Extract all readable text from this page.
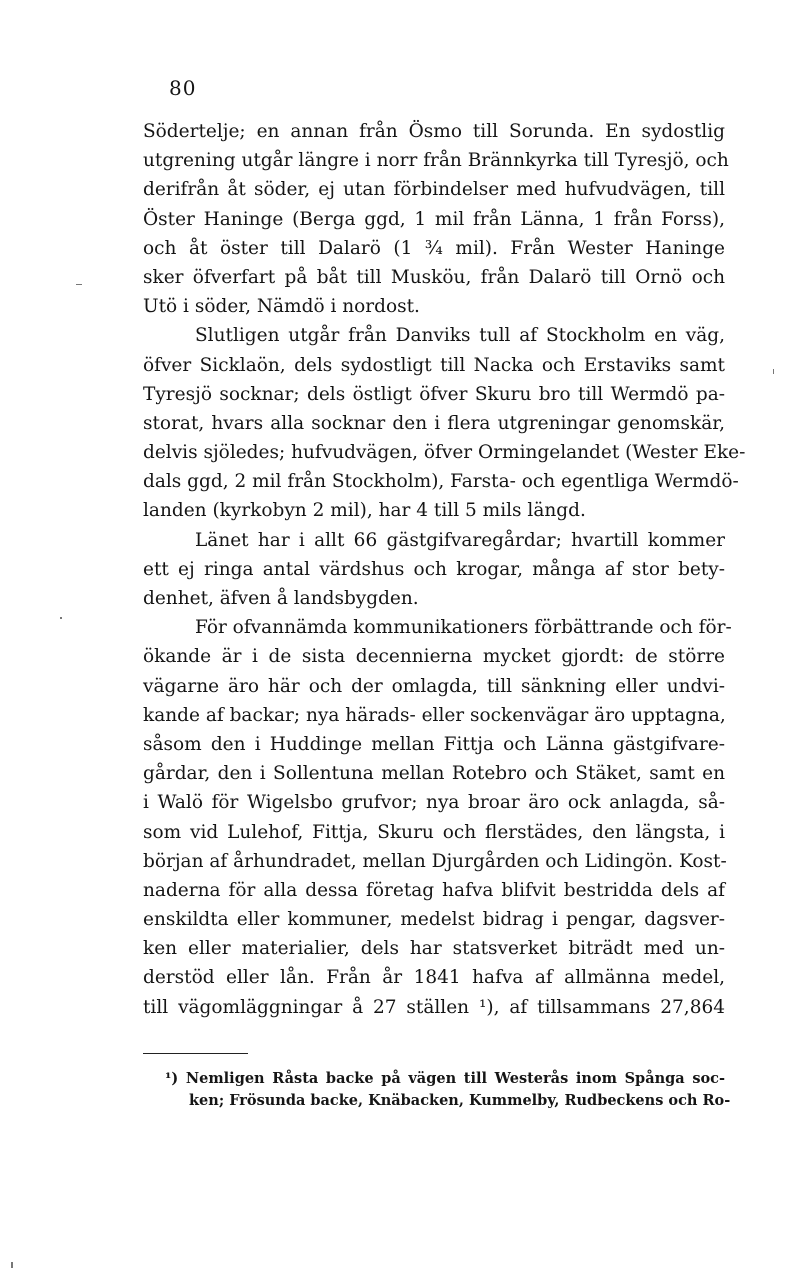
80
Södertelje; en annan från Ösmo till Sorunda. En sydostlig
utgrening utgår längre i norr från Brännkyrka till Tyresjö, och
derifrån åt söder, ej utan förbindelser med hufvudvägen, till
Öster Haninge (Berga ggd, 1 mil från Länna, 1 från Forss),
och åt öster till Dalarö (1 ¾ mil). Från Wester Haninge
sker öfverfart på båt till Musköu, från Dalarö till Ornö och
Utö i söder, Nämdö i nordost.
Slutligen utgår från Danviks tull af Stockholm en väg,
öfver Sicklaön, dels sydostligt till Nacka och Erstaviks samt
Tyresjö socknar; dels östligt öfver Skuru bro till Wermdö pa-
storat, hvars alla socknar den i flera utgreningar genomskär,
delvis sjöledes; hufvudvägen, öfver Ormingelandet (Wester Eke-
dals ggd, 2 mil från Stockholm), Farsta- och egentliga Wermdö-
landen (kyrkobyn 2 mil), har 4 till 5 mils längd.
Länet har i allt 66 gästgifvaregårdar; hvartill kommer
ett ej ringa antal värdshus och krogar, många af stor bety-
denhet, äfven å landsbygden.
För ofvannämda kommunikationers förbättrande och för-
ökande är i de sista decennierna mycket gjordt: de större
vägarne äro här och der omlagda, till sänkning eller undvi-
kande af backar; nya härads- eller sockenvägar äro upptagna,
såsom den i Huddinge mellan Fittja och Länna gästgifvare-
gårdar, den i Sollentuna mellan Rotebro och Stäket, samt en
i Walö för Wigelsbo grufvor; nya broar äro ock anlagda, så-
som vid Lulehof, Fittja, Skuru och flerstädes, den längsta, i
början af århundradet, mellan Djurgården och Lidingön. Kost-
naderna för alla dessa företag hafva blifvit bestridda dels af
enskildta eller kommuner, medelst bidrag i pengar, dagsver-
ken eller materialier, dels har statsverket biträdt med un-
derstöd eller lån. Från år 1841 hafva af allmänna medel,
till vägomläggningar å 27 ställen ¹), af tillsammans 27,864
¹) Nemligen Råsta backe på vägen till Westerås inom Spånga soc-
ken; Frösunda backe, Knäbacken, Kummelby, Rudbeckens och Ro-
